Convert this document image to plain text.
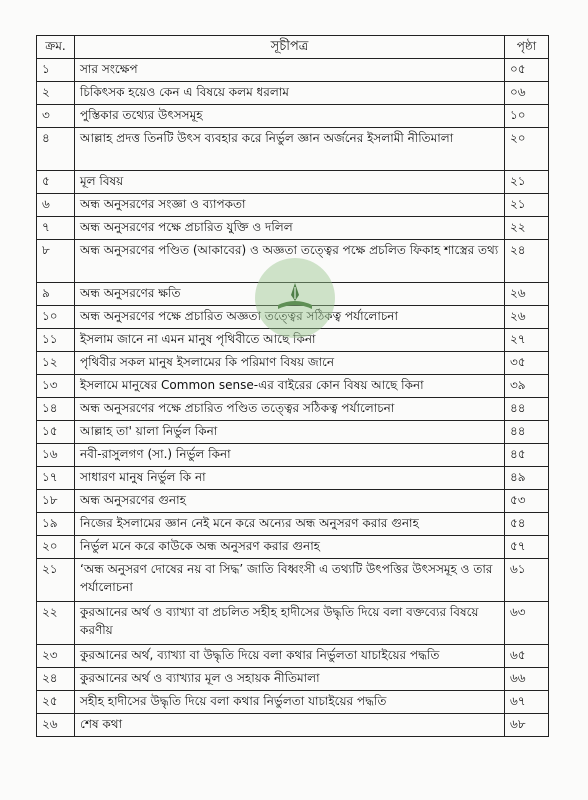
ক্রম.	সূচীপত্র	পৃষ্ঠা
১	সার সংক্ষেপ	০৫
২	চিকিৎসক হয়েও কেন এ বিষয়ে কলম ধরলাম	০৬
৩	পুস্তিকার তথ্যের উৎসসমূহ	১০
৪	আল্লাহ প্রদত্ত তিনটি উৎস ব্যবহার করে নির্ভুল জ্ঞান অর্জনের ইসলামী নীতিমালা	২০
৫	মূল বিষয়	২১
৬	অন্ধ অনুসরণের সংজ্ঞা ও ব্যাপকতা	২১
৭	অন্ধ অনুসরণের পক্ষে প্রচারিত যুক্তি ও দলিল	২২
৮	অন্ধ অনুসরণের পণ্ডিত (আকাবের) ও অজ্ঞতা তত্ত্বের পক্ষে প্রচলিত ফিকাহ শাস্ত্রের তথ্য	২৪
৯	অন্ধ অনুসরণের ক্ষতি	২৬
১০	অন্ধ অনুসরণের পক্ষে প্রচারিত অজ্ঞতা তত্ত্বের সঠিকত্ব পর্যালোচনা	২৬
১১	ইসলাম জানে না এমন মানুষ পৃথিবীতে আছে কিনা	২৭
১২	পৃথিবীর সকল মানুষ ইসলামের কি পরিমাণ বিষয় জানে	৩৫
১৩	ইসলামে মানুষের Common sense-এর বাইরের কোন বিষয় আছে কিনা	৩৯
১৪	অন্ধ অনুসরণের পক্ষে প্রচারিত পণ্ডিত তত্ত্বের সঠিকত্ব পর্যালোচনা	৪৪
১৫	আল্লাহ তা' য়ালা নির্ভুল কিনা	৪৪
১৬	নবী-রাসুলগণ (সা.) নির্ভুল কিনা	৪৫
১৭	সাধারণ মানুষ নির্ভুল কি না	৪৯
১৮	অন্ধ অনুসরণের গুনাহ	৫৩
১৯	নিজের ইসলামের জ্ঞান নেই মনে করে অন্যের অন্ধ অনুসরণ করার গুনাহ	৫৪
২০	নির্ভুল মনে করে কাউকে অন্ধ অনুসরণ করার গুনাহ	৫৭
২১	‘অন্ধ অনুসরণ দোষের নয় বা সিদ্ধ’ জাতি বিধ্বংসী এ তথ্যটি উৎপত্তির উৎসসমূহ ও তার পর্যালোচনা	৬১
২২	কুরআনের অর্থ ও ব্যাখ্যা বা প্রচলিত সহীহ হাদীসের উদ্ধৃতি দিয়ে বলা বক্তব্যের বিষয়ে করণীয়	৬৩
২৩	কুরআনের অর্থ, ব্যাখ্যা বা উদ্ধৃতি দিয়ে বলা কথার নির্ভুলতা যাচাইয়ের পদ্ধতি	৬৫
২৪	কুরআনের অর্থ ও ব্যাখ্যার মূল ও সহায়ক নীতিমালা	৬৬
২৫	সহীহ হাদীসের উদ্ধৃতি দিয়ে বলা কথার নির্ভুলতা যাচাইয়ের পদ্ধতি	৬৭
২৬	শেষ কথা	৬৮
